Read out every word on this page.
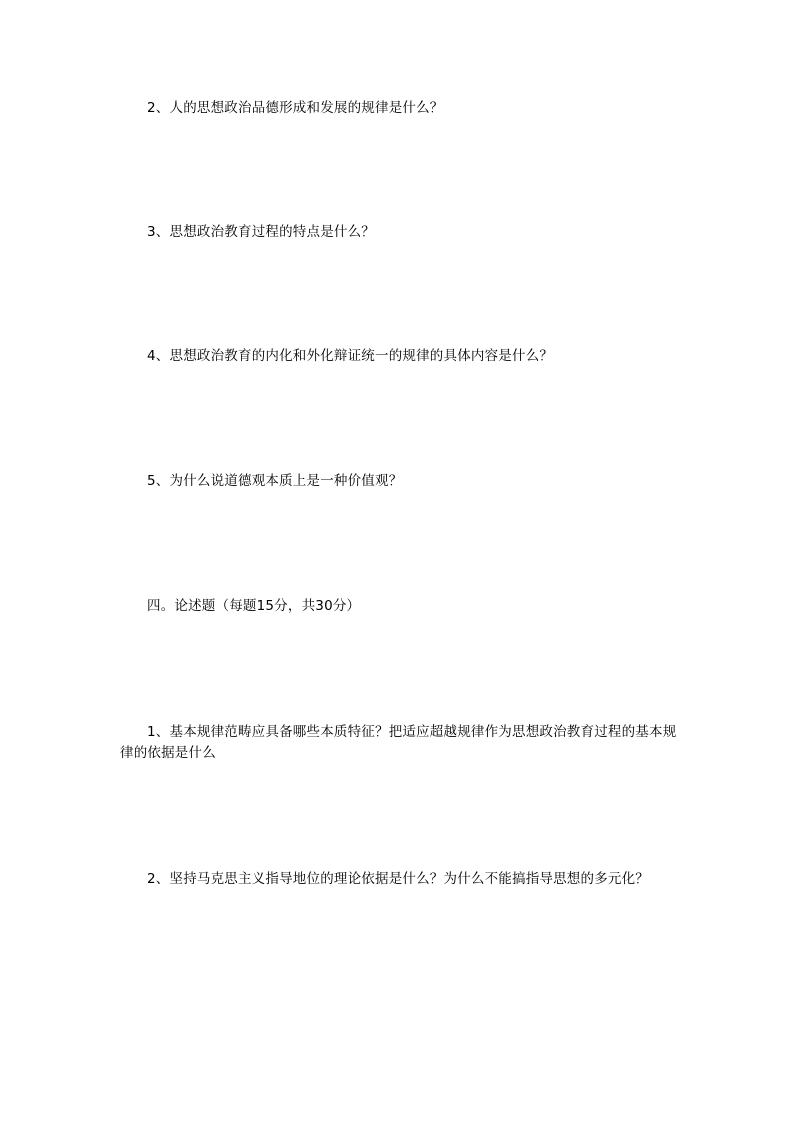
2、人的思想政治品德形成和发展的规律是什么？
3、思想政治教育过程的特点是什么？
4、思想政治教育的内化和外化辩证统一的规律的具体内容是什么？
5、为什么说道德观本质上是一种价值观？
四。论述题（每题15分，共30分）
1、基本规律范畴应具备哪些本质特征？把适应超越规律作为思想政治教育过程的基本规律的依据是什么
2、坚持马克思主义指导地位的理论依据是什么？为什么不能搞指导思想的多元化？
